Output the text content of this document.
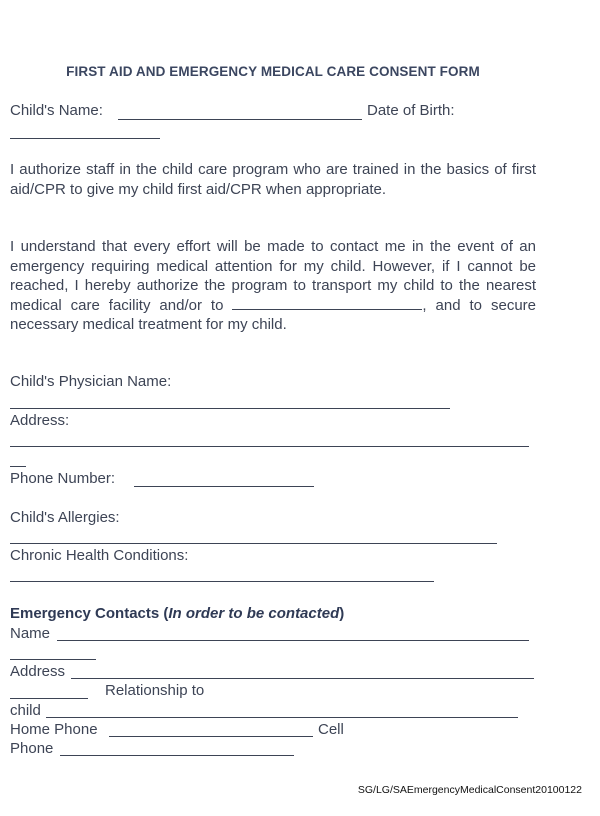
FIRST AID AND EMERGENCY MEDICAL CARE CONSENT FORM
Child's Name:	Date of Birth:
I authorize staff in the child care program who are trained in the basics of first aid/CPR to give my child first aid/CPR when appropriate.
I understand that every effort will be made to contact me in the event of an emergency requiring medical attention for my child. However, if I cannot be reached, I hereby authorize the program to transport my child to the nearest medical care facility and/or to	, and to secure necessary medical treatment for my child.
Child's Physician Name:
Address:
Phone Number:
Child's Allergies:
Chronic Health Conditions:
Emergency Contacts (In order to be contacted)
Name
Address
Relationship to
child
Home Phone	Cell
Phone
SG/LG/SAEmergencyMedicalConsent20100122
